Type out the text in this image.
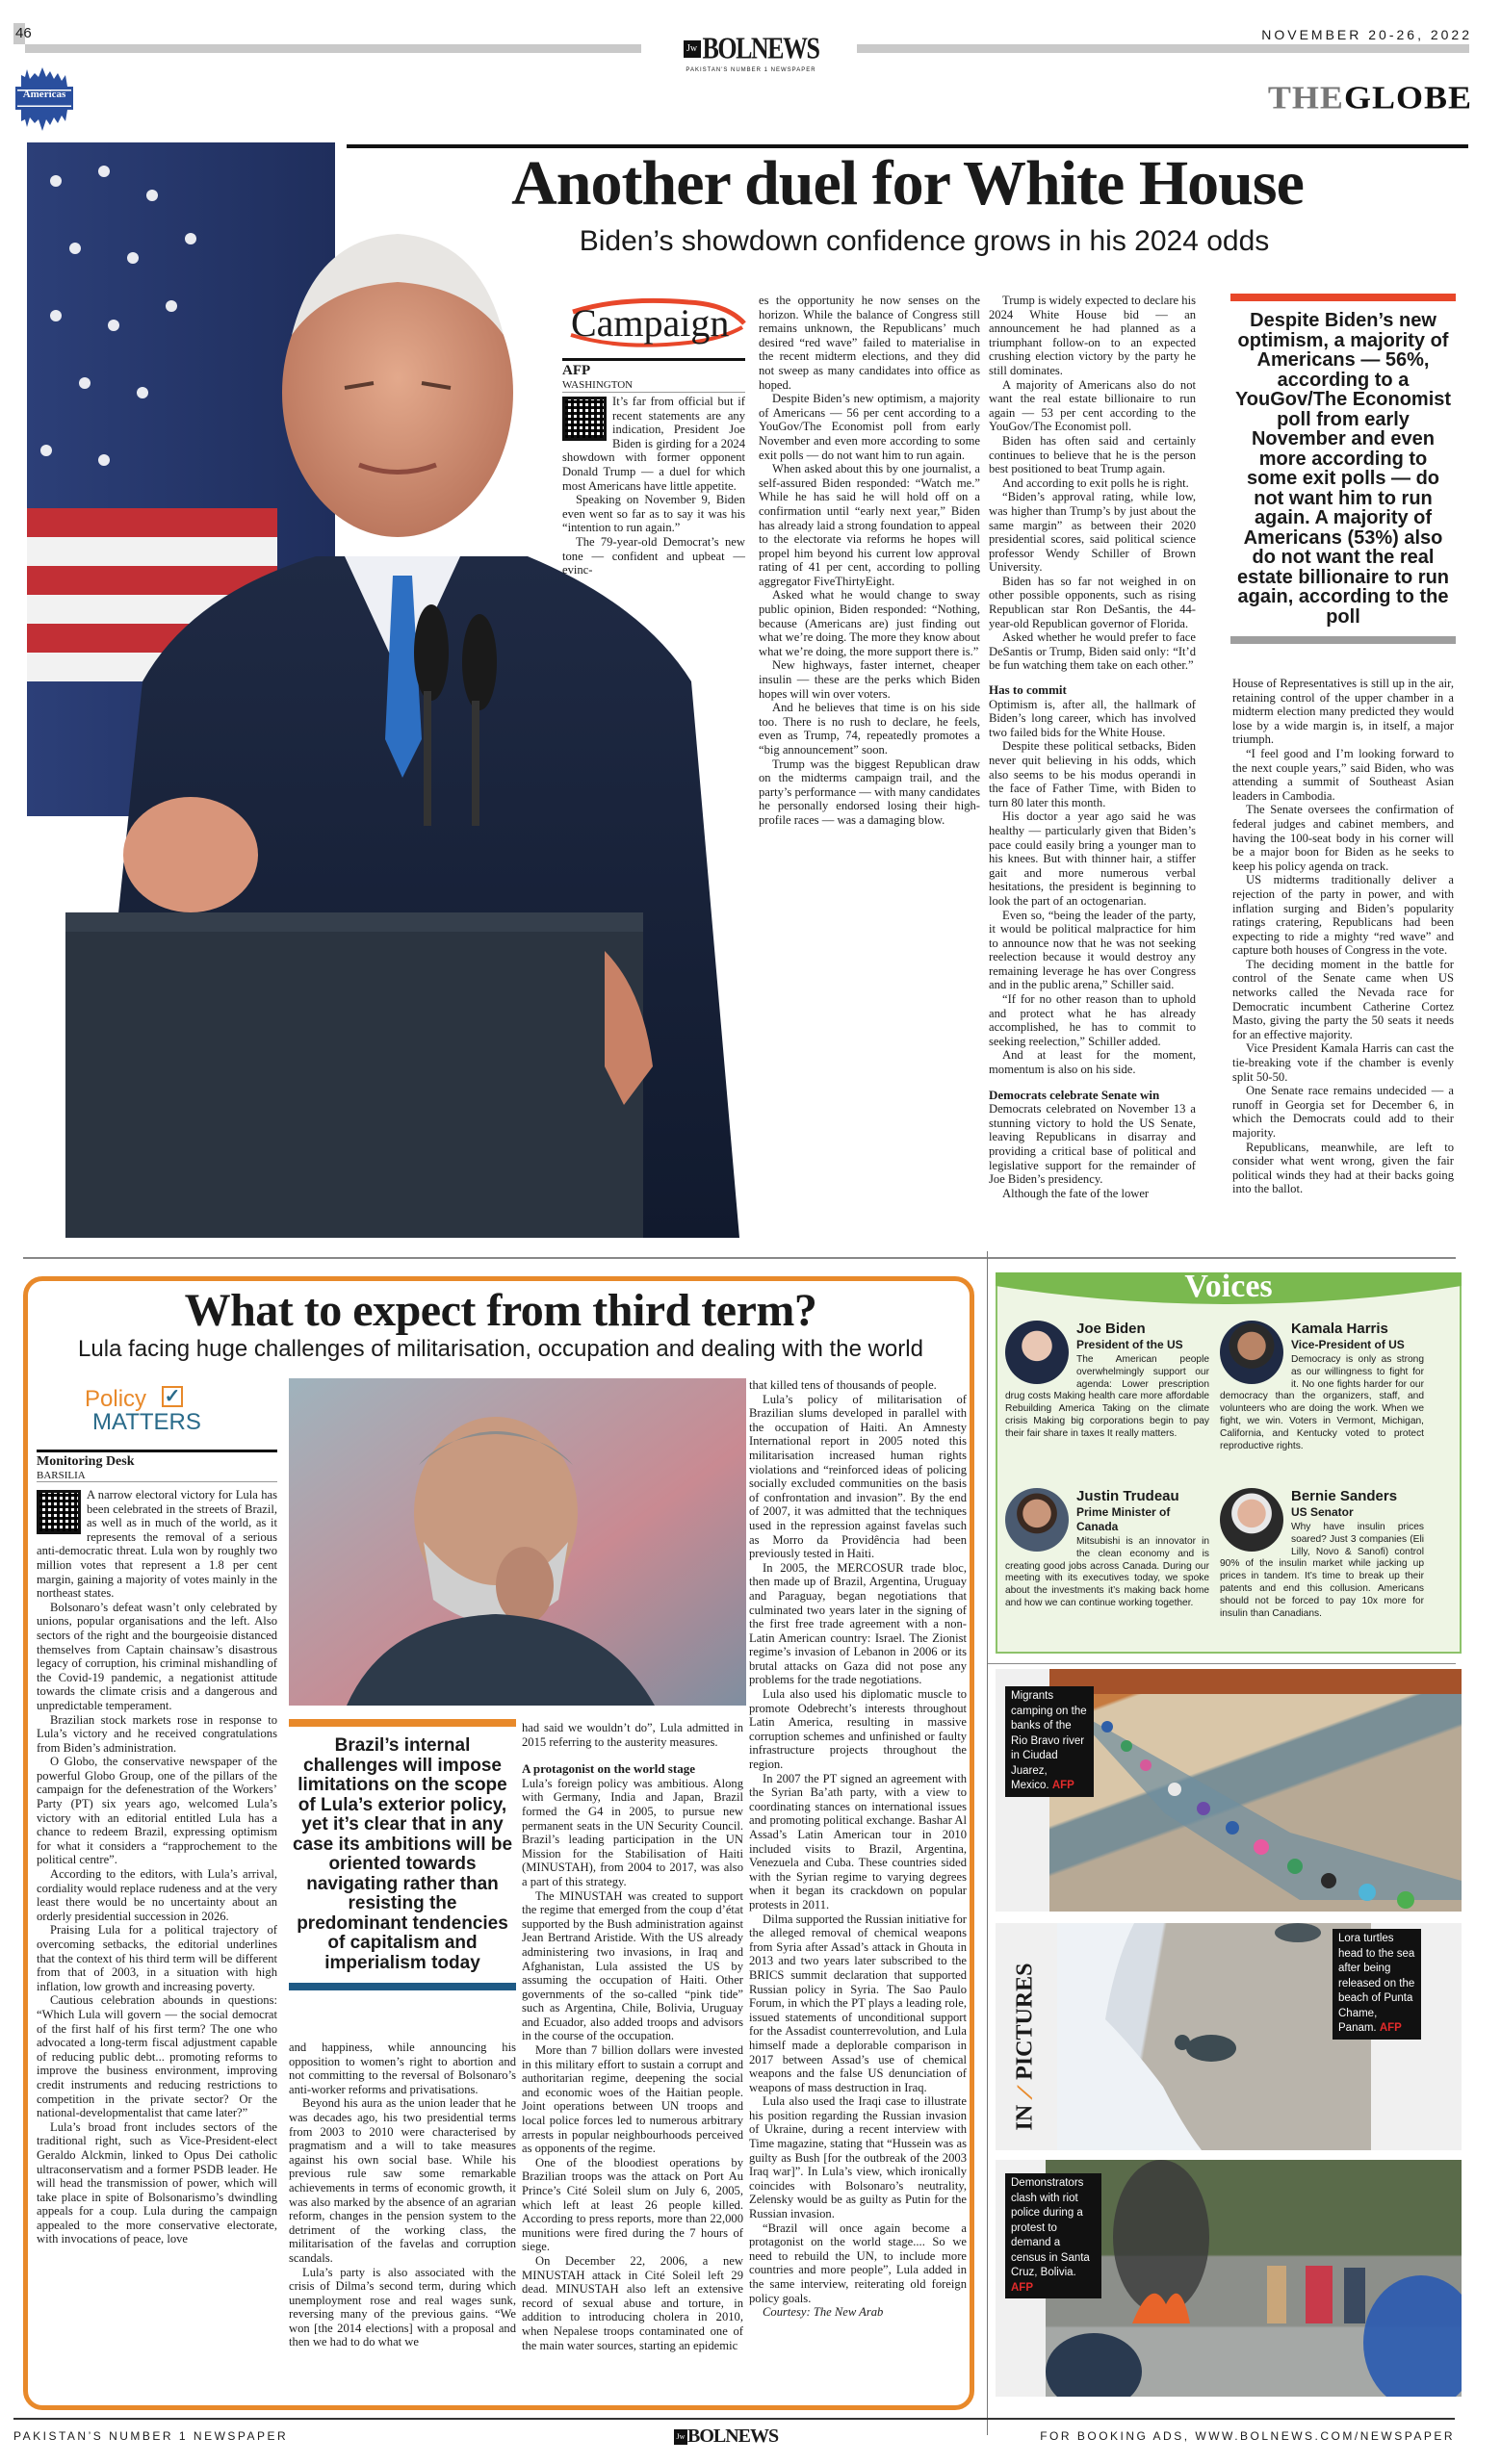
46
Jw BOLNEWS
PAKISTAN'S NUMBER 1 NEWSPAPER
NOVEMBER 20-26, 2022
Americas	THEGLOBE
Another duel for White House
Biden’s showdown confidence grows in his 2024 odds
Campaign
AFP
WASHINGTON

It’s far from official but if recent statements are any indication, President Joe Biden is girding for a 2024 showdown with former opponent Donald Trump — a duel for which most Americans have little appetite.

Speaking on November 9, Biden even went so far as to say it was his “intention to run again.”

The 79-year-old Democrat’s new tone — confident and upbeat — evinc-

es the opportunity he now senses on the horizon. While the balance of Congress still remains unknown, the Republicans’ much desired “red wave” failed to materialise in the recent midterm elections, and they did not sweep as many candidates into office as hoped.

Despite Biden’s new optimism, a majority of Americans — 56 per cent according to a YouGov/The Economist poll from early November and even more according to some exit polls — do not want him to run again.

When asked about this by one journalist, a self-assured Biden responded: “Watch me.” While he has said he will hold off on a confirmation until “early next year,” Biden has already laid a strong foundation to appeal to the electorate via reforms he hopes will propel him beyond his current low approval rating of 41 per cent, according to polling aggregator FiveThirtyEight.

Asked what he would change to sway public opinion, Biden responded: “Nothing, because (Americans are) just finding out what we’re doing. The more they know about what we’re doing, the more support there is.”

New highways, faster internet, cheaper insulin — these are the perks which Biden hopes will win over voters.

And he believes that time is on his side too. There is no rush to declare, he feels, even as Trump, 74, repeatedly promotes a “big announcement” soon.

Trump was the biggest Republican draw on the midterms campaign trail, and the party’s performance — with many candidates he personally endorsed losing their high-profile races — was a damaging blow.

Trump is widely expected to declare his 2024 White House bid — an announcement he had planned as a triumphant follow-on to an expected crushing election victory by the party he still dominates.

A majority of Americans also do not want the real estate billionaire to run again — 53 per cent according to the YouGov/The Economist poll.

Biden has often said and certainly continues to believe that he is the person best positioned to beat Trump again.

And according to exit polls he is right.

“Biden’s approval rating, while low, was higher than Trump’s by just about the same margin” as between their 2020 presidential scores, said political science professor Wendy Schiller of Brown University.

Biden has so far not weighed in on other possible opponents, such as rising Republican star Ron DeSantis, the 44-year-old Republican governor of Florida.

Asked whether he would prefer to face DeSantis or Trump, Biden said only: “It’d be fun watching them take on each other.”

Has to commit

Optimism is, after all, the hallmark of Biden’s long career, which has involved two failed bids for the White House.

Despite these political setbacks, Biden never quit believing in his odds, which also seems to be his modus operandi in the face of Father Time, with Biden to turn 80 later this month.

His doctor a year ago said he was healthy — particularly given that Biden’s pace could easily bring a younger man to his knees. But with thinner hair, a stiffer gait and more numerous verbal hesitations, the president is beginning to look the part of an octogenarian.

Even so, “being the leader of the party, it would be political malpractice for him to announce now that he was not seeking reelection because it would destroy any remaining leverage he has over Congress and in the public arena,” Schiller said.

“If for no other reason than to uphold and protect what he has already accomplished, he has to commit to seeking reelection,” Schiller added.

And at least for the moment, momentum is also on his side.

Democrats celebrate Senate win

Democrats celebrated on November 13 a stunning victory to hold the US Senate, leaving Republicans in disarray and providing a critical base of political and legislative support for the remainder of Joe Biden’s presidency.

Although the fate of the lower

Despite Biden’s new optimism, a majority of Americans — 56%, according to a YouGov/The Economist poll from early November and even more according to some exit polls — do not want him to run again. A majority of Americans (53%) also do not want the real estate billionaire to run again, according to the poll

House of Representatives is still up in the air, retaining control of the upper chamber in a midterm election many predicted they would lose by a wide margin is, in itself, a major triumph.

“I feel good and I’m looking forward to the next couple years,” said Biden, who was attending a summit of Southeast Asian leaders in Cambodia.

The Senate oversees the confirmation of federal judges and cabinet members, and having the 100-seat body in his corner will be a major boon for Biden as he seeks to keep his policy agenda on track.

US midterms traditionally deliver a rejection of the party in power, and with inflation surging and Biden’s popularity ratings cratering, Republicans had been expecting to ride a mighty “red wave” and capture both houses of Congress in the vote.

The deciding moment in the battle for control of the Senate came when US networks called the Nevada race for Democratic incumbent Catherine Cortez Masto, giving the party the 50 seats it needs for an effective majority.

Vice President Kamala Harris can cast the tie-breaking vote if the chamber is evenly split 50-50.

One Senate race remains undecided — a runoff in Georgia set for December 6, in which the Democrats could add to their majority.

Republicans, meanwhile, are left to consider what went wrong, given the fair political winds they had at their backs going into the ballot.

What to expect from third term?
Lula facing huge challenges of militarisation, occupation and dealing with the world
Policy ✓
MATTERS
Monitoring Desk
BARSILIA

A narrow electoral victory for Lula has been celebrated in the streets of Brazil, as well as in much of the world, as it represents the removal of a serious anti-democratic threat. Lula won by roughly two million votes that represent a 1.8 per cent margin, gaining a majority of votes mainly in the northeast states.

Bolsonaro’s defeat wasn’t only celebrated by unions, popular organisations and the left. Also sectors of the right and the bourgeoisie distanced themselves from Captain chainsaw’s disastrous legacy of corruption, his criminal mishandling of the Covid-19 pandemic, a negationist attitude towards the climate crisis and a dangerous and unpredictable temperament.

Brazilian stock markets rose in response to Lula’s victory and he received congratulations from Biden’s administration.

O Globo, the conservative newspaper of the powerful Globo Group, one of the pillars of the campaign for the defenestration of the Workers’ Party (PT) six years ago, welcomed Lula’s victory with an editorial entitled Lula has a chance to redeem Brazil, expressing optimism for what it considers a “rapprochement to the political centre”.

According to the editors, with Lula’s arrival, cordiality would replace rudeness and at the very least there would be no uncertainty about an orderly presidential succession in 2026.

Praising Lula for a political trajectory of overcoming setbacks, the editorial underlines that the context of his third term will be different from that of 2003, in a situation with high inflation, low growth and increasing poverty.

Cautious celebration abounds in questions: “Which Lula will govern — the social democrat of the first half of his first term? The one who advocated a long-term fiscal adjustment capable of reducing public debt... promoting reforms to improve the business environment, improving credit instruments and reducing restrictions to competition in the private sector? Or the national-developmentalist that came later?”

Lula’s broad front includes sectors of the traditional right, such as Vice-President-elect Geraldo Alckmin, linked to Opus Dei catholic ultraconservatism and a former PSDB leader. He will head the transmission of power, which will take place in spite of Bolsonarismo’s dwindling appeals for a coup. Lula during the campaign appealed to the more conservative electorate, with invocations of peace, love

Brazil’s internal challenges will impose limitations on the scope of Lula’s exterior policy, yet it’s clear that in any case its ambitions will be oriented towards navigating rather than resisting the predominant tendencies of capitalism and imperialism today

and happiness, while announcing his opposition to women’s right to abortion and not committing to the reversal of Bolsonaro’s anti-worker reforms and privatisations.

Beyond his aura as the union leader that he was decades ago, his two presidential terms from 2003 to 2010 were characterised by pragmatism and a will to take measures against his own social base. While his previous rule saw some remarkable achievements in terms of economic growth, it was also marked by the absence of an agrarian reform, changes in the pension system to the detriment of the working class, the militarisation of the favelas and corruption scandals.

Lula’s party is also associated with the crisis of Dilma’s second term, during which unemployment rose and real wages sunk, reversing many of the previous gains. “We won [the 2014 elections] with a proposal and then we had to do what we

had said we wouldn’t do”, Lula admitted in 2015 referring to the austerity measures.

A protagonist on the world stage

Lula’s foreign policy was ambitious. Along with Germany, India and Japan, Brazil formed the G4 in 2005, to pursue new permanent seats in the UN Security Council. Brazil’s leading participation in the UN Mission for the Stabilisation of Haiti (MINUSTAH), from 2004 to 2017, was also a part of this strategy.

The MINUSTAH was created to support the regime that emerged from the coup d’état supported by the Bush administration against Jean Bertrand Aristide. With the US already administering two invasions, in Iraq and Afghanistan, Lula assisted the US by assuming the occupation of Haiti. Other governments of the so-called “pink tide” such as Argentina, Chile, Bolivia, Uruguay and Ecuador, also added troops and advisors in the course of the occupation.

More than 7 billion dollars were invested in this military effort to sustain a corrupt and authoritarian regime, deepening the social and economic woes of the Haitian people. Joint operations between UN troops and local police forces led to numerous arbitrary arrests in popular neighbourhoods perceived as opponents of the regime.

One of the bloodiest operations by Brazilian troops was the attack on Port Au Prince’s Cité Soleil slum on July 6, 2005, which left at least 26 people killed. According to press reports, more than 22,000 munitions were fired during the 7 hours of siege.

On December 22, 2006, a new MINUSTAH attack in Cité Soleil left 29 dead. MINUSTAH also left an extensive record of sexual abuse and torture, in addition to introducing cholera in 2010, when Nepalese troops contaminated one of the main water sources, starting an epidemic

that killed tens of thousands of people.

Lula’s policy of militarisation of Brazilian slums developed in parallel with the occupation of Haiti. An Amnesty International report in 2005 noted this militarisation increased human rights violations and “reinforced ideas of policing socially excluded communities on the basis of confrontation and invasion”. By the end of 2007, it was admitted that the techniques used in the repression against favelas such as Morro da Providência had been previously tested in Haiti.

In 2005, the MERCOSUR trade bloc, then made up of Brazil, Argentina, Uruguay and Paraguay, began negotiations that culminated two years later in the signing of the first free trade agreement with a non-Latin American country: Israel. The Zionist regime’s invasion of Lebanon in 2006 or its brutal attacks on Gaza did not pose any problems for the trade negotiations.

Lula also used his diplomatic muscle to promote Odebrecht’s interests throughout Latin America, resulting in massive corruption schemes and unfinished or faulty infrastructure projects throughout the region.

In 2007 the PT signed an agreement with the Syrian Ba’ath party, with a view to coordinating stances on international issues and promoting political exchange. Bashar Al Assad’s Latin American tour in 2010 included visits to Brazil, Argentina, Venezuela and Cuba. These countries sided with the Syrian regime to varying degrees when it began its crackdown on popular protests in 2011.

Dilma supported the Russian initiative for the alleged removal of chemical weapons from Syria after Assad’s attack in Ghouta in 2013 and two years later subscribed to the BRICS summit declaration that supported Russian policy in Syria. The Sao Paulo Forum, in which the PT plays a leading role, issued statements of unconditional support for the Assadist counterrevolution, and Lula himself made a deplorable comparison in 2017 between Assad’s use of chemical weapons and the false US denunciation of weapons of mass destruction in Iraq.

Lula also used the Iraqi case to illustrate his position regarding the Russian invasion of Ukraine, during a recent interview with Time magazine, stating that “Hussein was as guilty as Bush [for the outbreak of the 2003 Iraq war]”. In Lula’s view, which ironically coincides with Bolsonaro’s neutrality, Zelensky would be as guilty as Putin for the Russian invasion.

“Brazil will once again become a protagonist on the world stage.... So we need to rebuild the UN, to include more countries and more people”, Lula added in the same interview, reiterating old foreign policy goals.

Courtesy: The New Arab

Voices
Joe Biden
President of the US
The American people overwhelmingly support our agenda: Lower prescription drug costs Making health care more affordable Rebuilding America Taking on the climate crisis Making big corporations begin to pay their fair share in taxes It really matters.
Kamala Harris
Vice-President of US
Democracy is only as strong as our willingness to fight for it. No one fights harder for our democracy than the organizers, staff, and volunteers who are doing the work. When we fight, we win. Voters in Vermont, Michigan, California, and Kentucky voted to protect reproductive rights.
Justin Trudeau
Prime Minister of Canada
Mitsubishi is an innovator in the clean economy and is creating good jobs across Canada. During our meeting with its executives today, we spoke about the investments it’s making back home and how we can continue working together.
Bernie Sanders
US Senator
Why have insulin prices soared? Just 3 companies (Eli Lilly, Novo & Sanofi) control 90% of the insulin market while jacking up prices in tandem. It’s time to break up their patents and end this collusion. Americans should not be forced to pay 10x more for insulin than Canadians.
Migrants camping on the banks of the Rio Bravo river in Ciudad Juarez, Mexico. AFP
IN ⟋ PICTURES
Lora turtles head to the sea after being released on the beach of Punta Chame, Panam. AFP
Demonstrators clash with riot police during a protest to demand a census in Santa Cruz, Bolivia. AFP
PAKISTAN’S NUMBER 1 NEWSPAPER	Jw BOLNEWS	FOR BOOKING ADS, WWW.BOLNEWS.COM/NEWSPAPER
